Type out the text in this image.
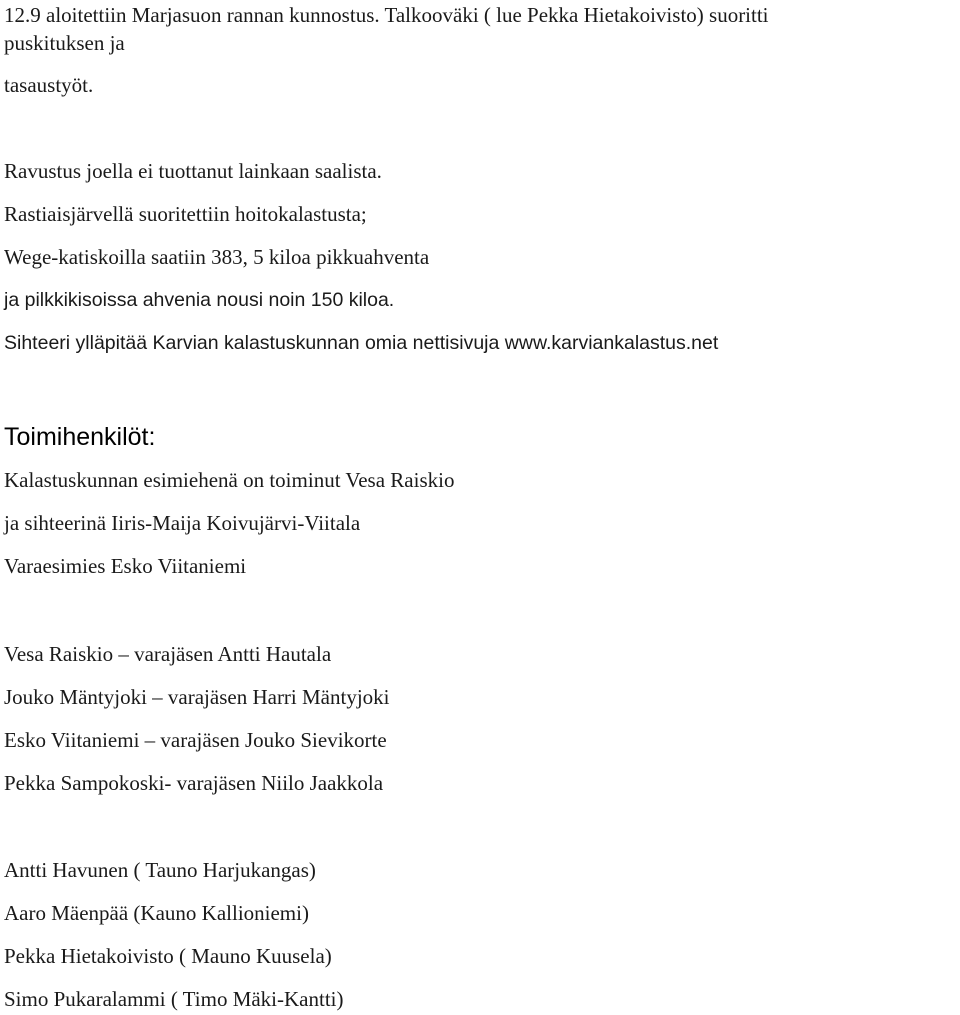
12.9 aloitettiin Marjasuon rannan kunnostus. Talkooväki ( lue Pekka Hietakoivisto) suoritti
puskituksen ja
tasaustyöt.
Ravustus joella ei tuottanut lainkaan saalista.
Rastiaisjärvellä suoritettiin hoitokalastusta;
Wege-katiskoilla saatiin 383, 5 kiloa pikkuahventa
ja pilkkikisoissa ahvenia nousi noin 150 kiloa.
Sihteeri ylläpitää Karvian kalastuskunnan omia nettisivuja www.karviankalastus.net
Toimihenkilöt:
Kalastuskunnan esimiehenä on toiminut Vesa Raiskio
ja sihteerinä Iiris-Maija Koivujärvi-Viitala
Varaesimies Esko Viitaniemi
Vesa Raiskio – varajäsen Antti Hautala
Jouko Mäntyjoki – varajäsen Harri Mäntyjoki
Esko Viitaniemi – varajäsen Jouko Sievikorte
Pekka Sampokoski- varajäsen Niilo Jaakkola
Antti Havunen ( Tauno Harjukangas)
Aaro Mäenpää (Kauno Kallioniemi)
Pekka Hietakoivisto ( Mauno Kuusela)
Simo Pukaralammi ( Timo Mäki-Kantti)
